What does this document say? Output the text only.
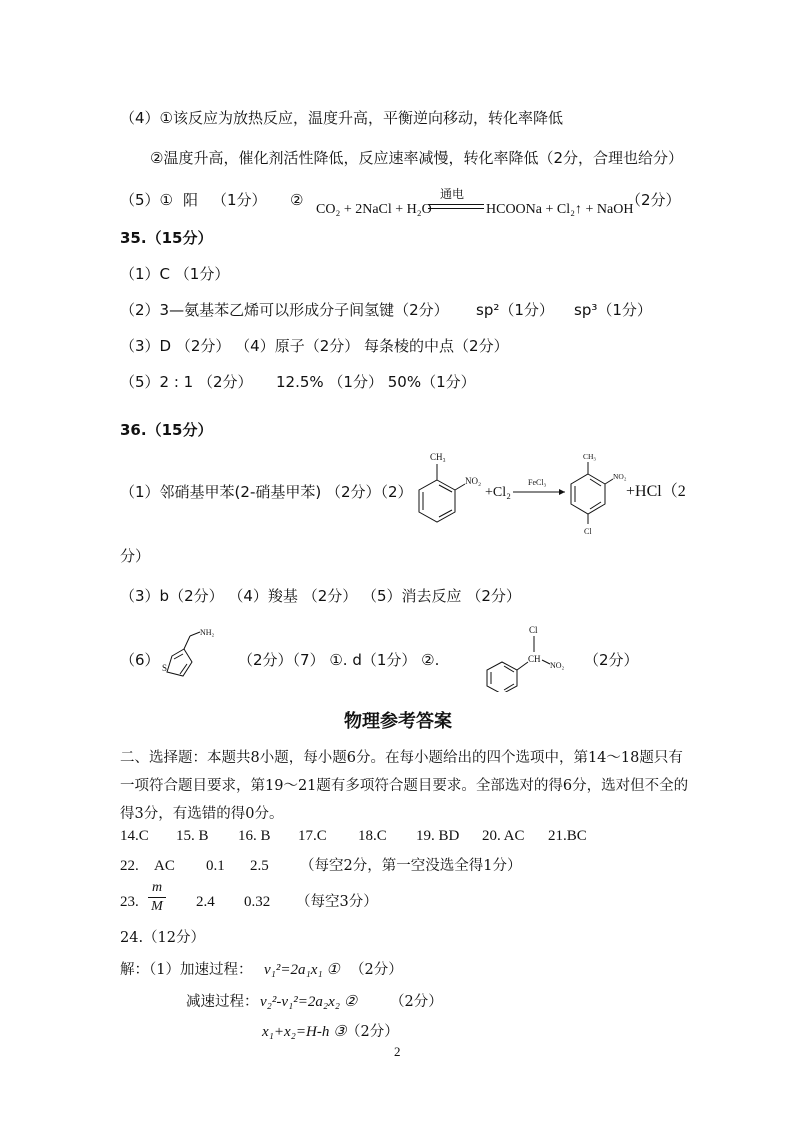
（4）①该反应为放热反应，温度升高，平衡逆向移动，转化率降低
②温度升高，催化剂活性降低，反应速率减慢，转化率降低（2分，合理也给分）
（5）① 阳 （1分） ②
CO₂ + 2NaCl + H₂O
通电
HCOONa + Cl₂↑ + NaOH
（2分）
35.（15分）
（1）C （1分）
（2）3—氨基苯乙烯可以形成分子间氢键（2分） sp²（1分） sp³（1分）
（3）D （2分） （4）原子（2分） 每条棱的中点（2分）
（5）2 : 1 （2分） 12.5% （1分） 50%（1分）
36.（15分）
（1）邻硝基甲苯(2-硝基甲苯) （2分）（2）
CH₃
NO₂
+Cl₂
FeCl₃
CH₃
NO₂
Cl
+HCl（2
分）
（3）b（2分） （4）羧基 （2分） （5）消去反应 （2分）
（6）
NH₂
S	（2分）（7） ①. d（1分） ②.
Cl
CH
NO₂ （2分）
物理参考答案
二、选择题：本题共8小题，每小题6分。在每小题给出的四个选项中，第14～18题只有
一项符合题目要求，第19～21题有多项符合题目要求。全部选对的得6分，选对但不全的
得3分，有选错的得0分。
14.C 15. B 16. B 17.C 18.C 19. BD 20. AC 21.BC
22. AC 0.1 2.5 （每空2分，第一空没选全得1分）
23.
m
M 2.4 0.32 （每空3分）
24.（12分）
解：（1）加速过程： v₁²=2a₁x₁ ① （2分）
减速过程： v₂²-v₁²=2a₂x₂ ② （2分）
x₁+x₂=H-h ③ （2分）
2
